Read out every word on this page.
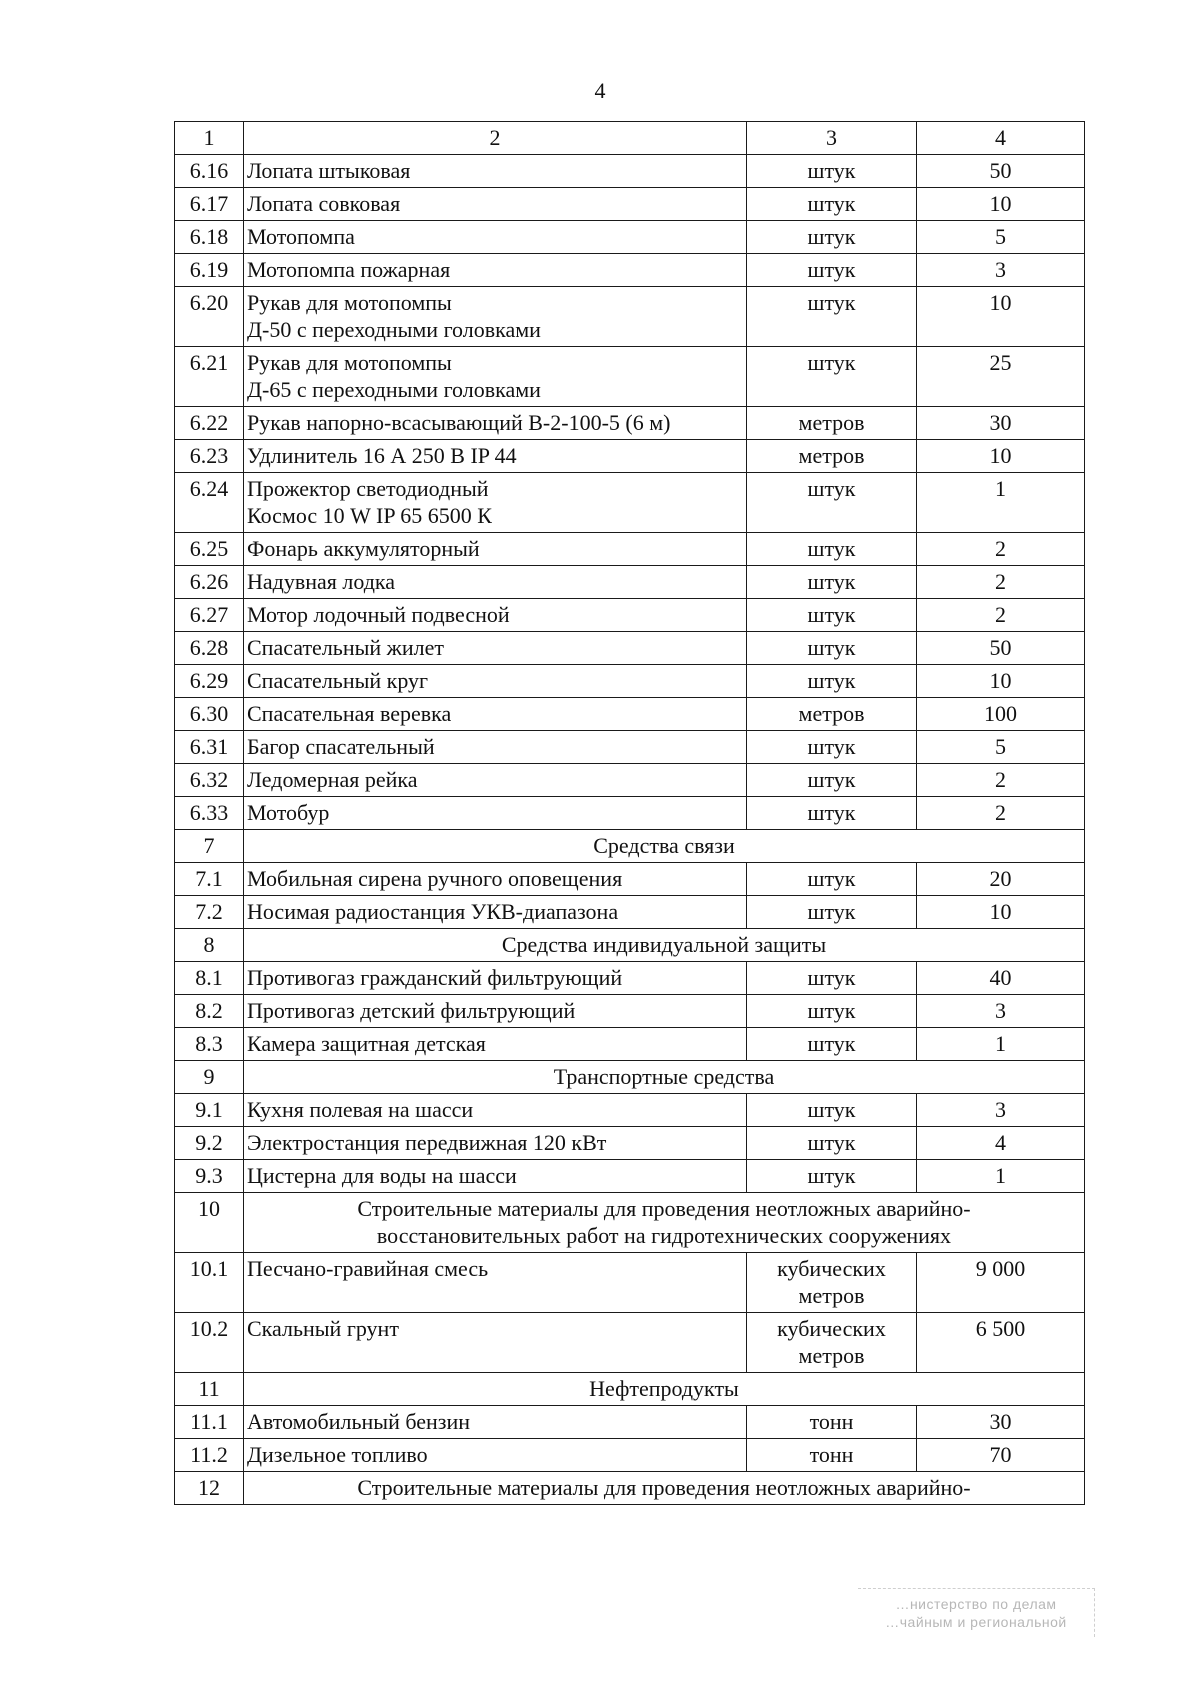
4
1	2	3	4
6.16	Лопата штыковая	штук	50
6.17	Лопата совковая	штук	10
6.18	Мотопомпа	штук	5
6.19	Мотопомпа пожарная	штук	3
6.20	Рукав для мотопомпы
Д-50 с переходными головками	штук	10
6.21	Рукав для мотопомпы
Д-65 с переходными головками	штук	25
6.22	Рукав напорно-всасывающий В-2-100-5 (6 м)	метров	30
6.23	Удлинитель 16 А 250 В IP 44	метров	10
6.24	Прожектор светодиодный
Космос 10 W IP 65 6500 К	штук	1
6.25	Фонарь аккумуляторный	штук	2
6.26	Надувная лодка	штук	2
6.27	Мотор лодочный подвесной	штук	2
6.28	Спасательный жилет	штук	50
6.29	Спасательный круг	штук	10
6.30	Спасательная веревка	метров	100
6.31	Багор спасательный	штук	5
6.32	Ледомерная рейка	штук	2
6.33	Мотобур	штук	2
7	Средства связи		
7.1	Мобильная сирена ручного оповещения	штук	20
7.2	Носимая радиостанция УКВ-диапазона	штук	10
8	Средства индивидуальной защиты		
8.1	Противогаз гражданский фильтрующий	штук	40
8.2	Противогаз детский фильтрующий	штук	3
8.3	Камера защитная детская	штук	1
9	Транспортные средства		
9.1	Кухня полевая на шасси	штук	3
9.2	Электростанция передвижная 120 кВт	штук	4
9.3	Цистерна для воды на шасси	штук	1
10	Строительные материалы для проведения неотложных аварийно-
восстановительных работ на гидротехнических сооружениях		
10.1	Песчано-гравийная смесь	кубических
метров	9 000
10.2	Скальный грунт	кубических
метров	6 500
11	Нефтепродукты		
11.1	Автомобильный бензин	тонн	30
11.2	Дизельное топливо	тонн	70
12	Строительные материалы для проведения неотложных аварийно-		
…нистерство по делам
…чайным и региональной
